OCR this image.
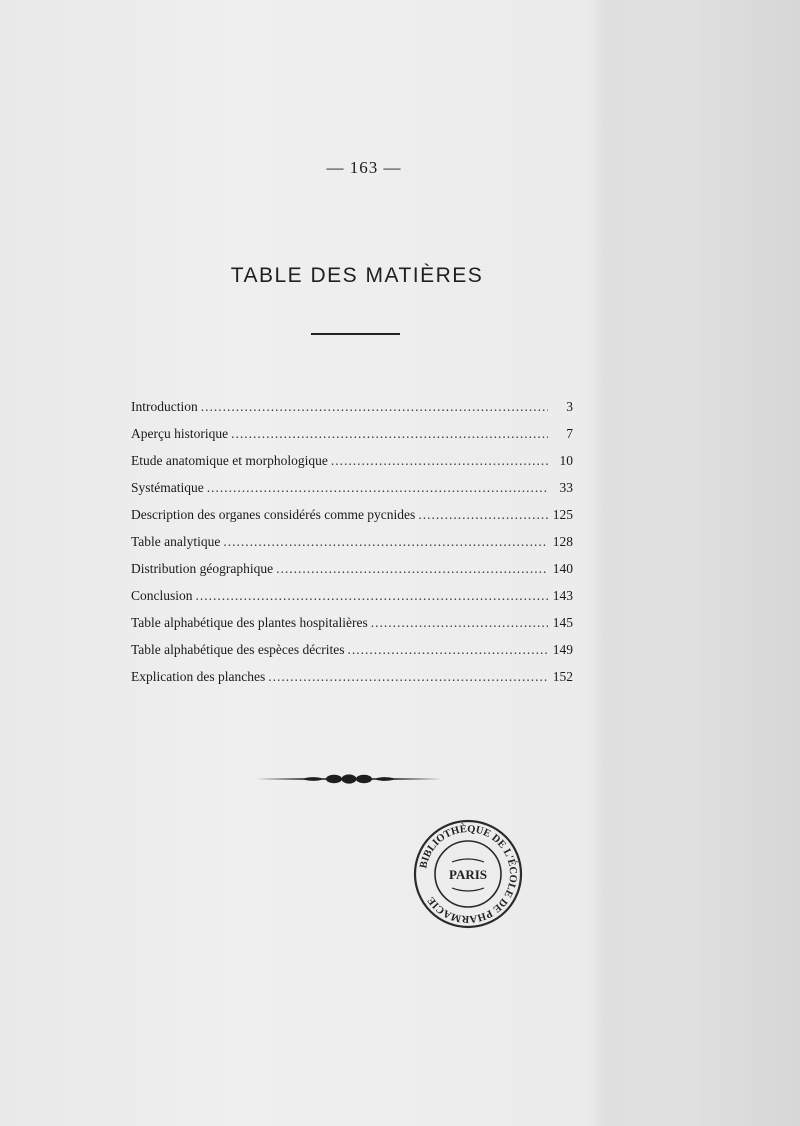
— 163 —
TABLE DES MATIÈRES
Introduction .....	3
Aperçu historique .....	7
Etude anatomique et morphologique .....	10
Systématique .....	33
Description des organes considérés comme pycnides .....	125
Table analytique .....	128
Distribution géographique .....	140
Conclusion .....	143
Table alphabétique des plantes hospitalières .....	145
Table alphabétique des espèces décrites .....	149
Explication des planches .....	152
BIBLIOTHÈQUE DE L'ÉCOLE DE PHARMACIE
PARIS
